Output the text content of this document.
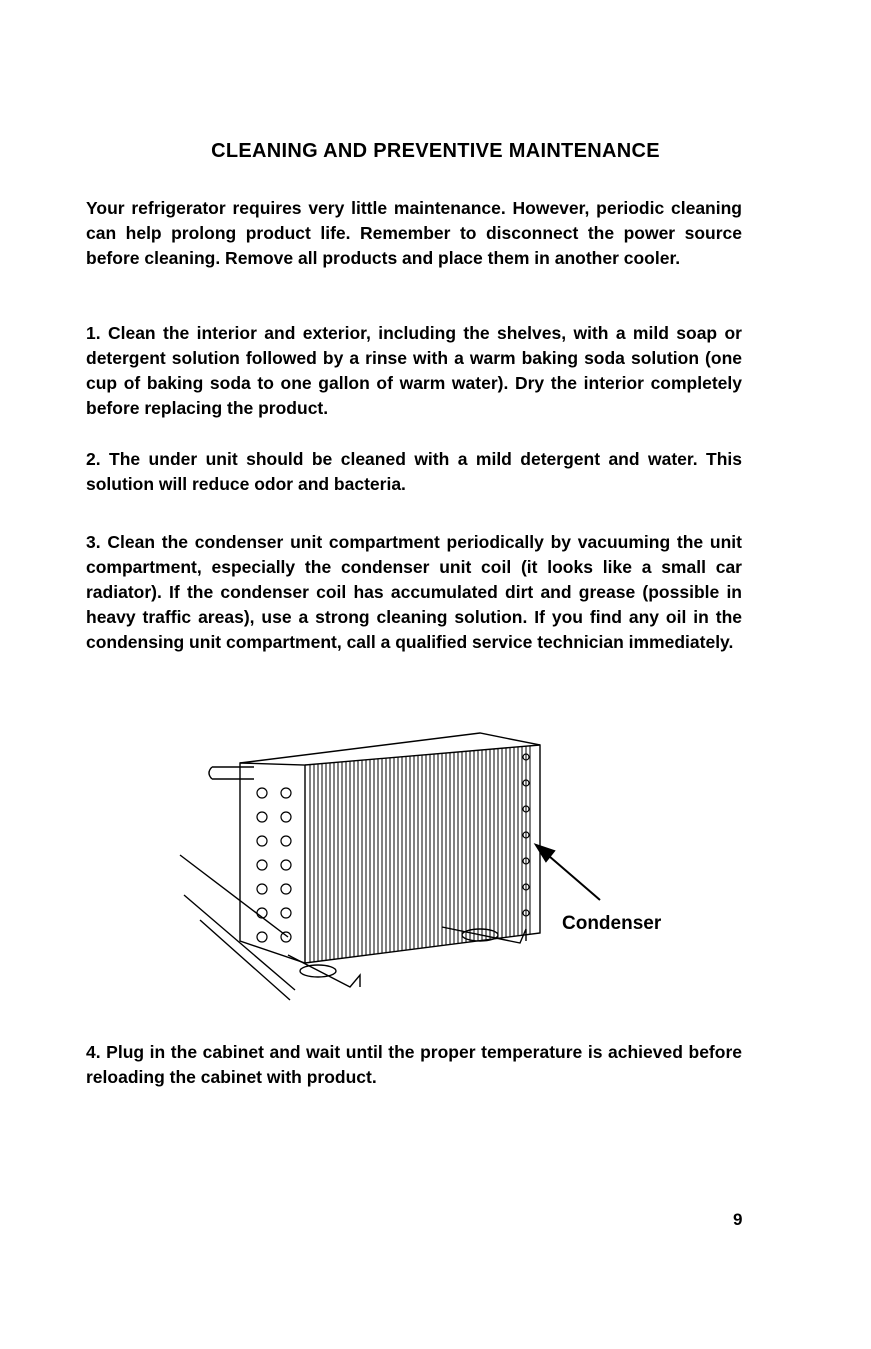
CLEANING AND PREVENTIVE MAINTENANCE

Your refrigerator requires very little maintenance. However, periodic cleaning can help prolong product life. Remember to disconnect the power source before cleaning. Remove all products and place them in another cooler.

1. Clean the interior and exterior, including the shelves, with a mild soap or detergent solution followed by a rinse with a warm baking soda solution (one cup of baking soda to one gallon of warm water). Dry the interior completely before replacing the product.

2. The under unit should be cleaned with a mild detergent and water. This solution will reduce odor and bacteria.

3. Clean the condenser unit compartment periodically by vacuuming the unit compartment, especially the condenser unit coil (it looks like a small car radiator). If the condenser coil has accumulated dirt and grease (possible in heavy traffic areas), use a strong cleaning solution. If you find any oil in the condensing unit compartment, call a qualified service technician immediately.

Condenser

4. Plug in the cabinet and wait until the proper temperature is achieved before reloading the cabinet with product.

9
